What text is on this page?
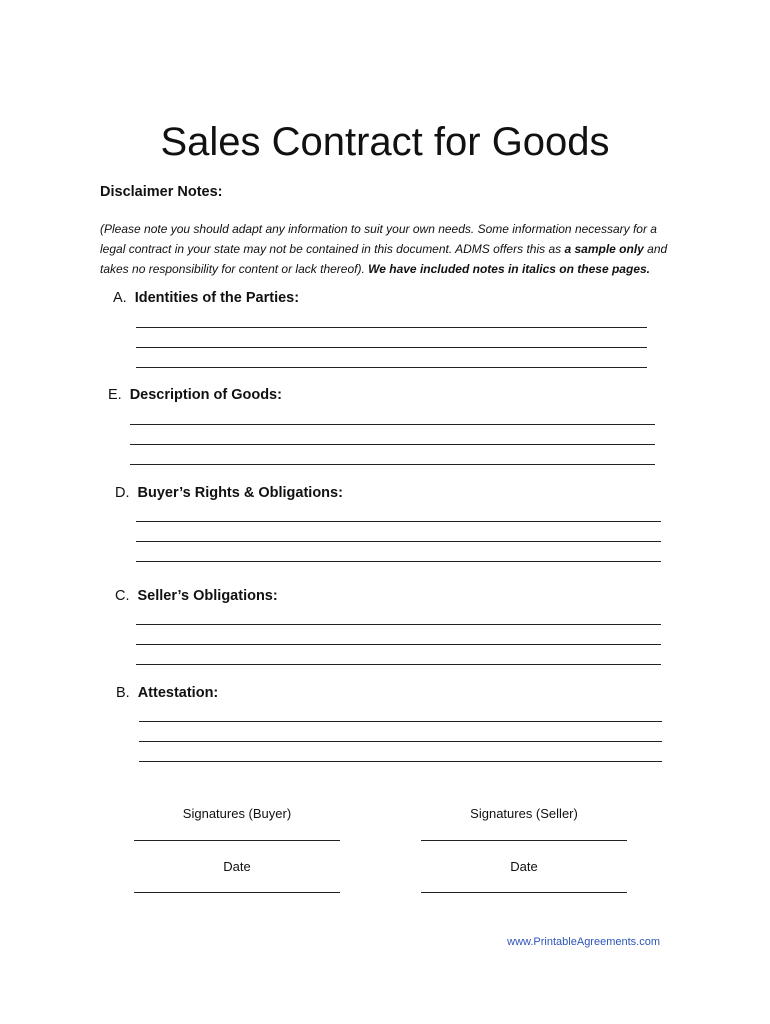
Sales Contract for Goods
Disclaimer Notes:

(Please note you should adapt any information to suit your own needs. Some information necessary for a legal contract in your state may not be contained in this document. ADMS offers this as a sample only and takes no responsibility for content or lack thereof). We have included notes in italics on these pages.

A. Identities of the Parties:
E. Description of Goods:
D. Buyer’s Rights & Obligations:
C. Seller’s Obligations:
B. Attestation:
Signatures (Buyer)	Signatures (Seller)
Date	Date
www.PrintableAgreements.com
